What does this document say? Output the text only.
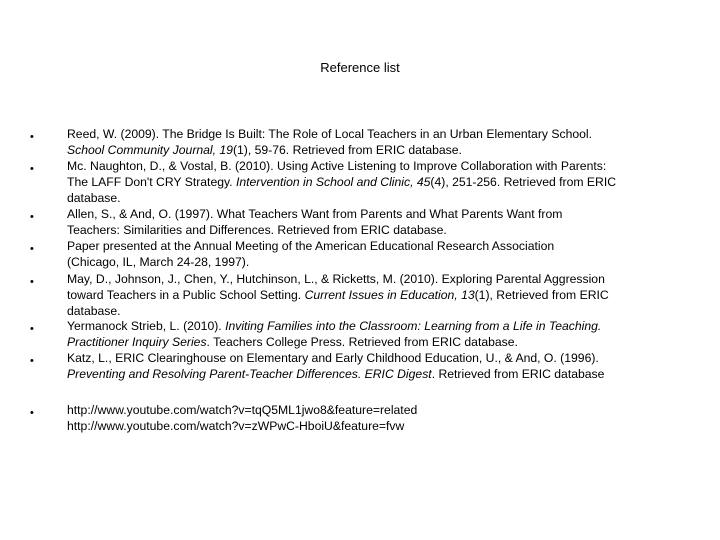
Reference list
•	Reed, W. (2009). The Bridge Is Built: The Role of Local Teachers in an Urban Elementary School.
School Community Journal, 19(1), 59-76. Retrieved from ERIC database.
•	Mc. Naughton, D., & Vostal, B. (2010). Using Active Listening to Improve Collaboration with Parents:
The LAFF Don't CRY Strategy. Intervention in School and Clinic, 45(4), 251-256. Retrieved from ERIC
database.
•	Allen, S., & And, O. (1997). What Teachers Want from Parents and What Parents Want from
Teachers: Similarities and Differences. Retrieved from ERIC database.
•	Paper presented at the Annual Meeting of the American Educational Research Association
(Chicago, IL, March 24-28, 1997).
•	May, D., Johnson, J., Chen, Y., Hutchinson, L., & Ricketts, M. (2010). Exploring Parental Aggression
toward Teachers in a Public School Setting. Current Issues in Education, 13(1), Retrieved from ERIC
database.
•	Yermanock Strieb, L. (2010). Inviting Families into the Classroom: Learning from a Life in Teaching.
Practitioner Inquiry Series. Teachers College Press. Retrieved from ERIC database.
•	Katz, L., ERIC Clearinghouse on Elementary and Early Childhood Education, U., & And, O. (1996).
Preventing and Resolving Parent-Teacher Differences. ERIC Digest. Retrieved from ERIC database
•	http://www.youtube.com/watch?v=tqQ5ML1jwo8&feature=related
http://www.youtube.com/watch?v=zWPwC-HboiU&feature=fvw
